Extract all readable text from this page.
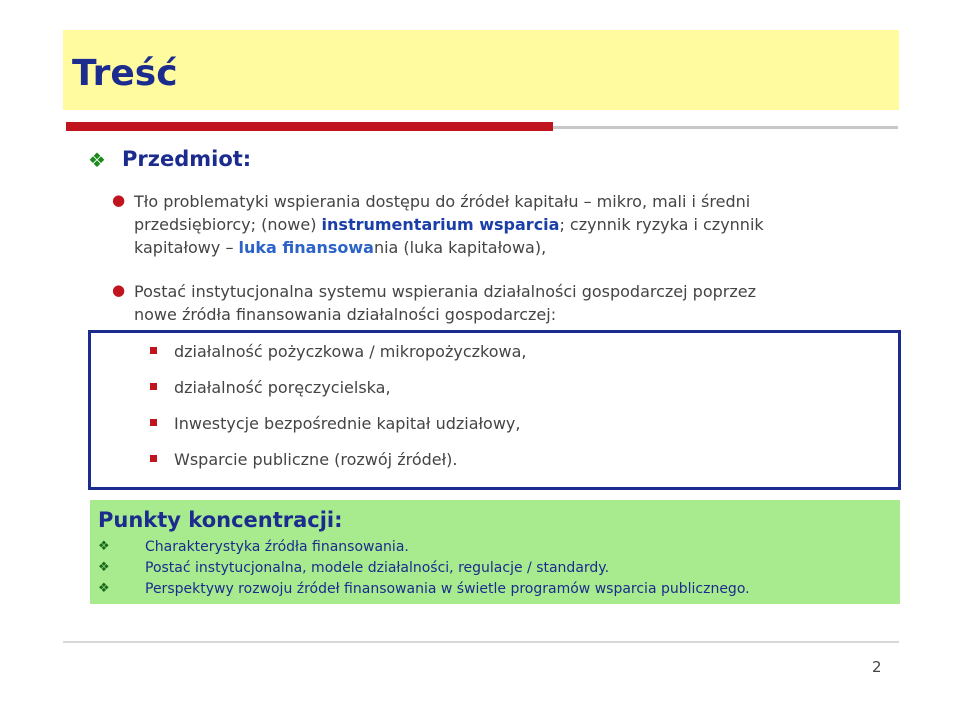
Treść
❖ Przedmiot:
● Tło problematyki wspierania dostępu do źródeł kapitału – mikro, mali i średni
przedsiębiorcy; (nowe) instrumentarium wsparcia; czynnik ryzyka i czynnik
kapitałowy – luka finansowania (luka kapitałowa),
● Postać instytucjonalna systemu wspierania działalności gospodarczej poprzez
nowe źródła finansowania działalności gospodarczej:
działalność pożyczkowa / mikropożyczkowa,
działalność poręczycielska,
Inwestycje bezpośrednie kapitał udziałowy,
Wsparcie publiczne (rozwój źródeł).
Punkty koncentracji:
❖	Charakterystyka źródła finansowania.
❖	Postać instytucjonalna, modele działalności, regulacje / standardy.
❖	Perspektywy rozwoju źródeł finansowania w świetle programów wsparcia publicznego.
2
